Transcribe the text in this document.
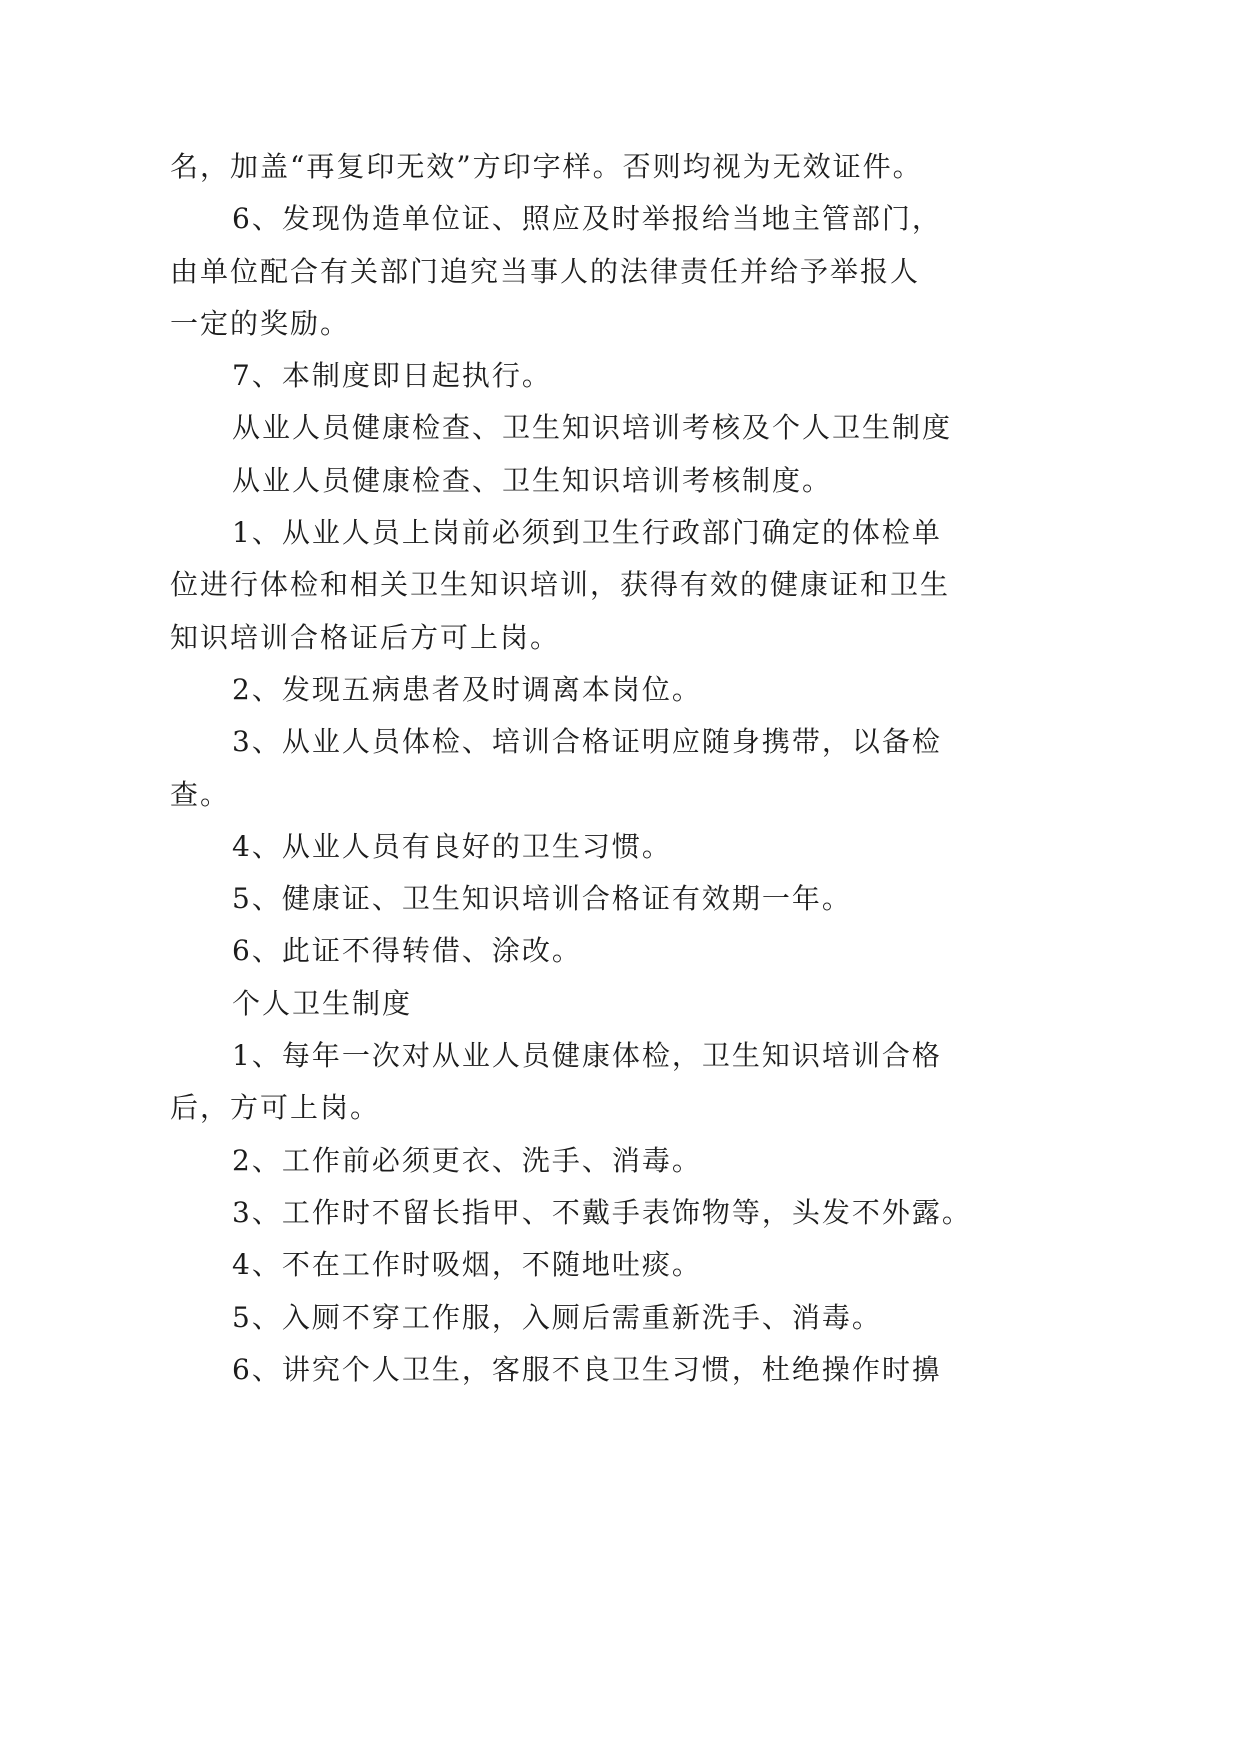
名，加盖“再复印无效”方印字样。否则均视为无效证件。
6、发现伪造单位证、照应及时举报给当地主管部门，
由单位配合有关部门追究当事人的法律责任并给予举报人
一定的奖励。
7、本制度即日起执行。
从业人员健康检查、卫生知识培训考核及个人卫生制度
从业人员健康检查、卫生知识培训考核制度。
1、从业人员上岗前必须到卫生行政部门确定的体检单
位进行体检和相关卫生知识培训，获得有效的健康证和卫生
知识培训合格证后方可上岗。
2、发现五病患者及时调离本岗位。
3、从业人员体检、培训合格证明应随身携带，以备检
查。
4、从业人员有良好的卫生习惯。
5、健康证、卫生知识培训合格证有效期一年。
6、此证不得转借、涂改。
个人卫生制度
1、每年一次对从业人员健康体检，卫生知识培训合格
后，方可上岗。
2、工作前必须更衣、洗手、消毒。
3、工作时不留长指甲、不戴手表饰物等，头发不外露。
4、不在工作时吸烟，不随地吐痰。
5、入厕不穿工作服，入厕后需重新洗手、消毒。
6、讲究个人卫生，客服不良卫生习惯，杜绝操作时擤
